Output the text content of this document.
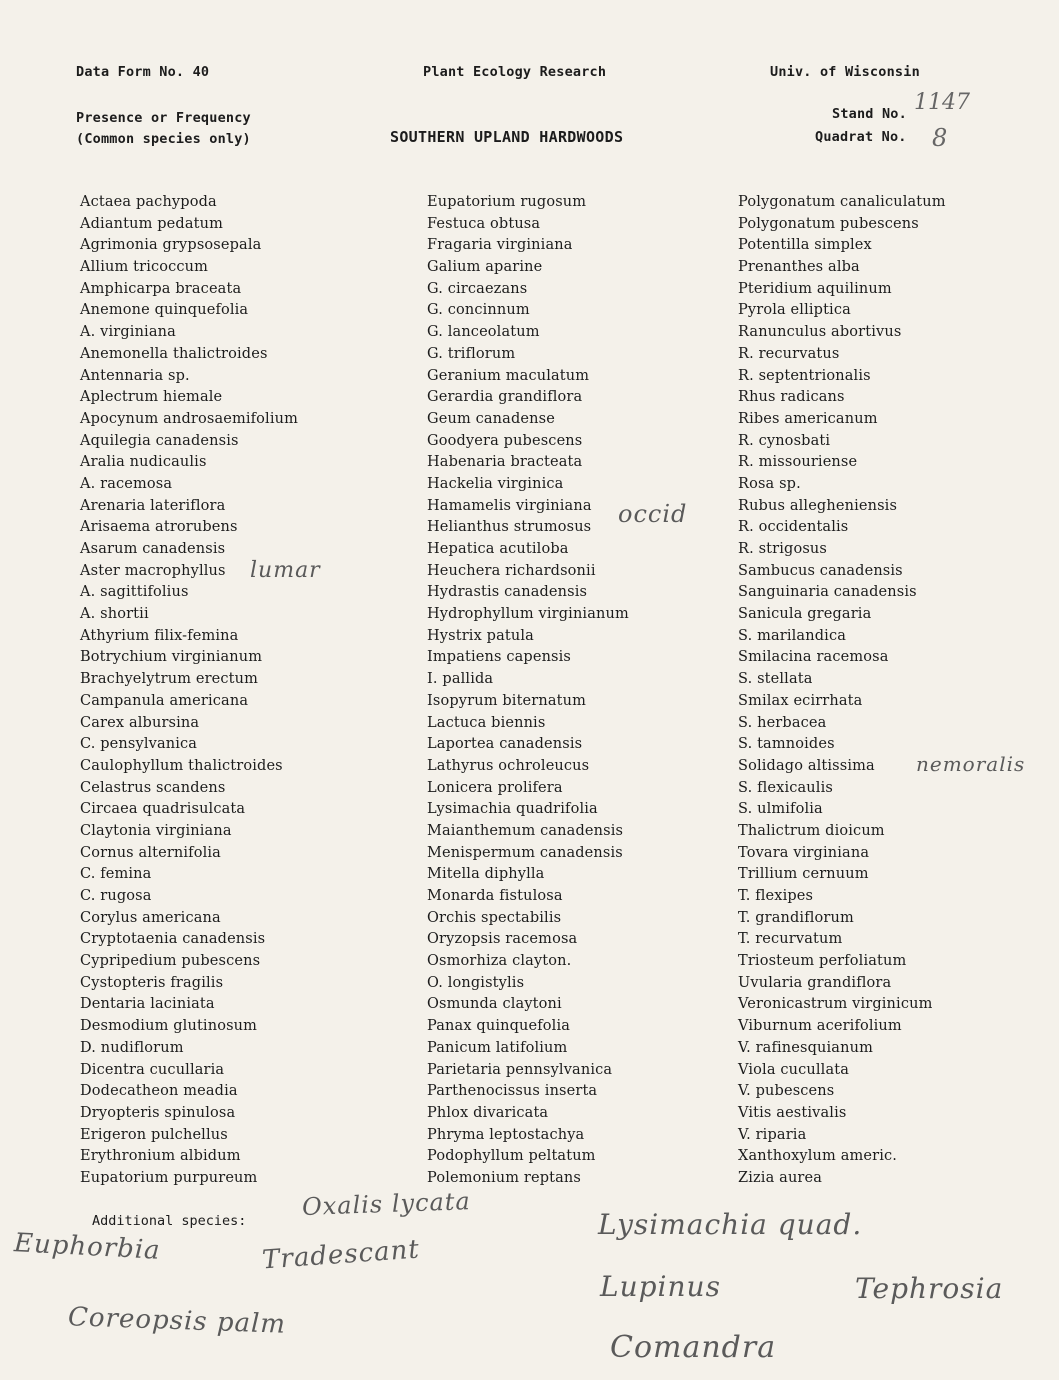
Data Form No. 40	Plant Ecology Research	Univ. of Wisconsin
Presence or Frequency
(Common species only)	SOUTHERN UPLAND HARDWOODS
Stand No. 1147
Quadrat No. 8
Actaea pachypoda
Adiantum pedatum
Agrimonia grypsosepala
Allium tricoccum
Amphicarpa braceata
Anemone quinquefolia
A. virginiana
Anemonella thalictroides
Antennaria sp.
Aplectrum hiemale
Apocynum androsaemifolium
Aquilegia canadensis
Aralia nudicaulis
A. racemosa
Arenaria lateriflora
Arisaema atrorubens
Asarum canadensis
Aster macrophyllus
A. sagittifolius
A. shortii
Athyrium filix-femina
Botrychium virginianum
Brachyelytrum erectum
Campanula americana
Carex albursina
C. pensylvanica
Caulophyllum thalictroides
Celastrus scandens
Circaea quadrisulcata
Claytonia virginiana
Cornus alternifolia
C. femina
C. rugosa
Corylus americana
Cryptotaenia canadensis
Cypripedium pubescens
Cystopteris fragilis
Dentaria laciniata
Desmodium glutinosum
D. nudiflorum
Dicentra cucullaria
Dodecatheon meadia
Dryopteris spinulosa
Erigeron pulchellus
Erythronium albidum
Eupatorium purpureum
Eupatorium rugosum
Festuca obtusa
Fragaria virginiana
Galium aparine
G. circaezans
G. concinnum
G. lanceolatum
G. triflorum
Geranium maculatum
Gerardia grandiflora
Geum canadense
Goodyera pubescens
Habenaria bracteata
Hackelia virginica
Hamamelis virginiana
Helianthus strumosus
Hepatica acutiloba
Heuchera richardsonii
Hydrastis canadensis
Hydrophyllum virginianum
Hystrix patula
Impatiens capensis
I. pallida
Isopyrum biternatum
Lactuca biennis
Laportea canadensis
Lathyrus ochroleucus
Lonicera prolifera
Lysimachia quadrifolia
Maianthemum canadensis
Menispermum canadensis
Mitella diphylla
Monarda fistulosa
Orchis spectabilis
Oryzopsis racemosa
Osmorhiza clayton.
O. longistylis
Osmunda claytoni
Panax quinquefolia
Panicum latifolium
Parietaria pennsylvanica
Parthenocissus inserta
Phlox divaricata
Phryma leptostachya
Podophyllum peltatum
Polemonium reptans
Polygonatum canaliculatum
Polygonatum pubescens
Potentilla simplex
Prenanthes alba
Pteridium aquilinum
Pyrola elliptica
Ranunculus abortivus
R. recurvatus
R. septentrionalis
Rhus radicans
Ribes americanum
R. cynosbati
R. missouriense
Rosa sp.
Rubus allegheniensis
R. occidentalis
R. strigosus
Sambucus canadensis
Sanguinaria canadensis
Sanicula gregaria
S. marilandica
Smilacina racemosa
S. stellata
Smilax ecirrhata
S. herbacea
S. tamnoides
Solidago altissima
S. flexicaulis
S. ulmifolia
Thalictrum dioicum
Tovara virginiana
Trillium cernuum
T. flexipes
T. grandiflorum
T. recurvatum
Triosteum perfoliatum
Uvularia grandiflora
Veronicastrum virginicum
Viburnum acerifolium
V. rafinesquianum
Viola cucullata
V. pubescens
Vitis aestivalis
V. riparia
Xanthoxylum americ.
Zizia aurea
lumar
occid
nemoralis
Additional species:
Oxalis lycata
Euphorbia	Tradescant
Lysimachia quad.
Coreopsis palm
Lupinus	Tephrosia
Comandra
